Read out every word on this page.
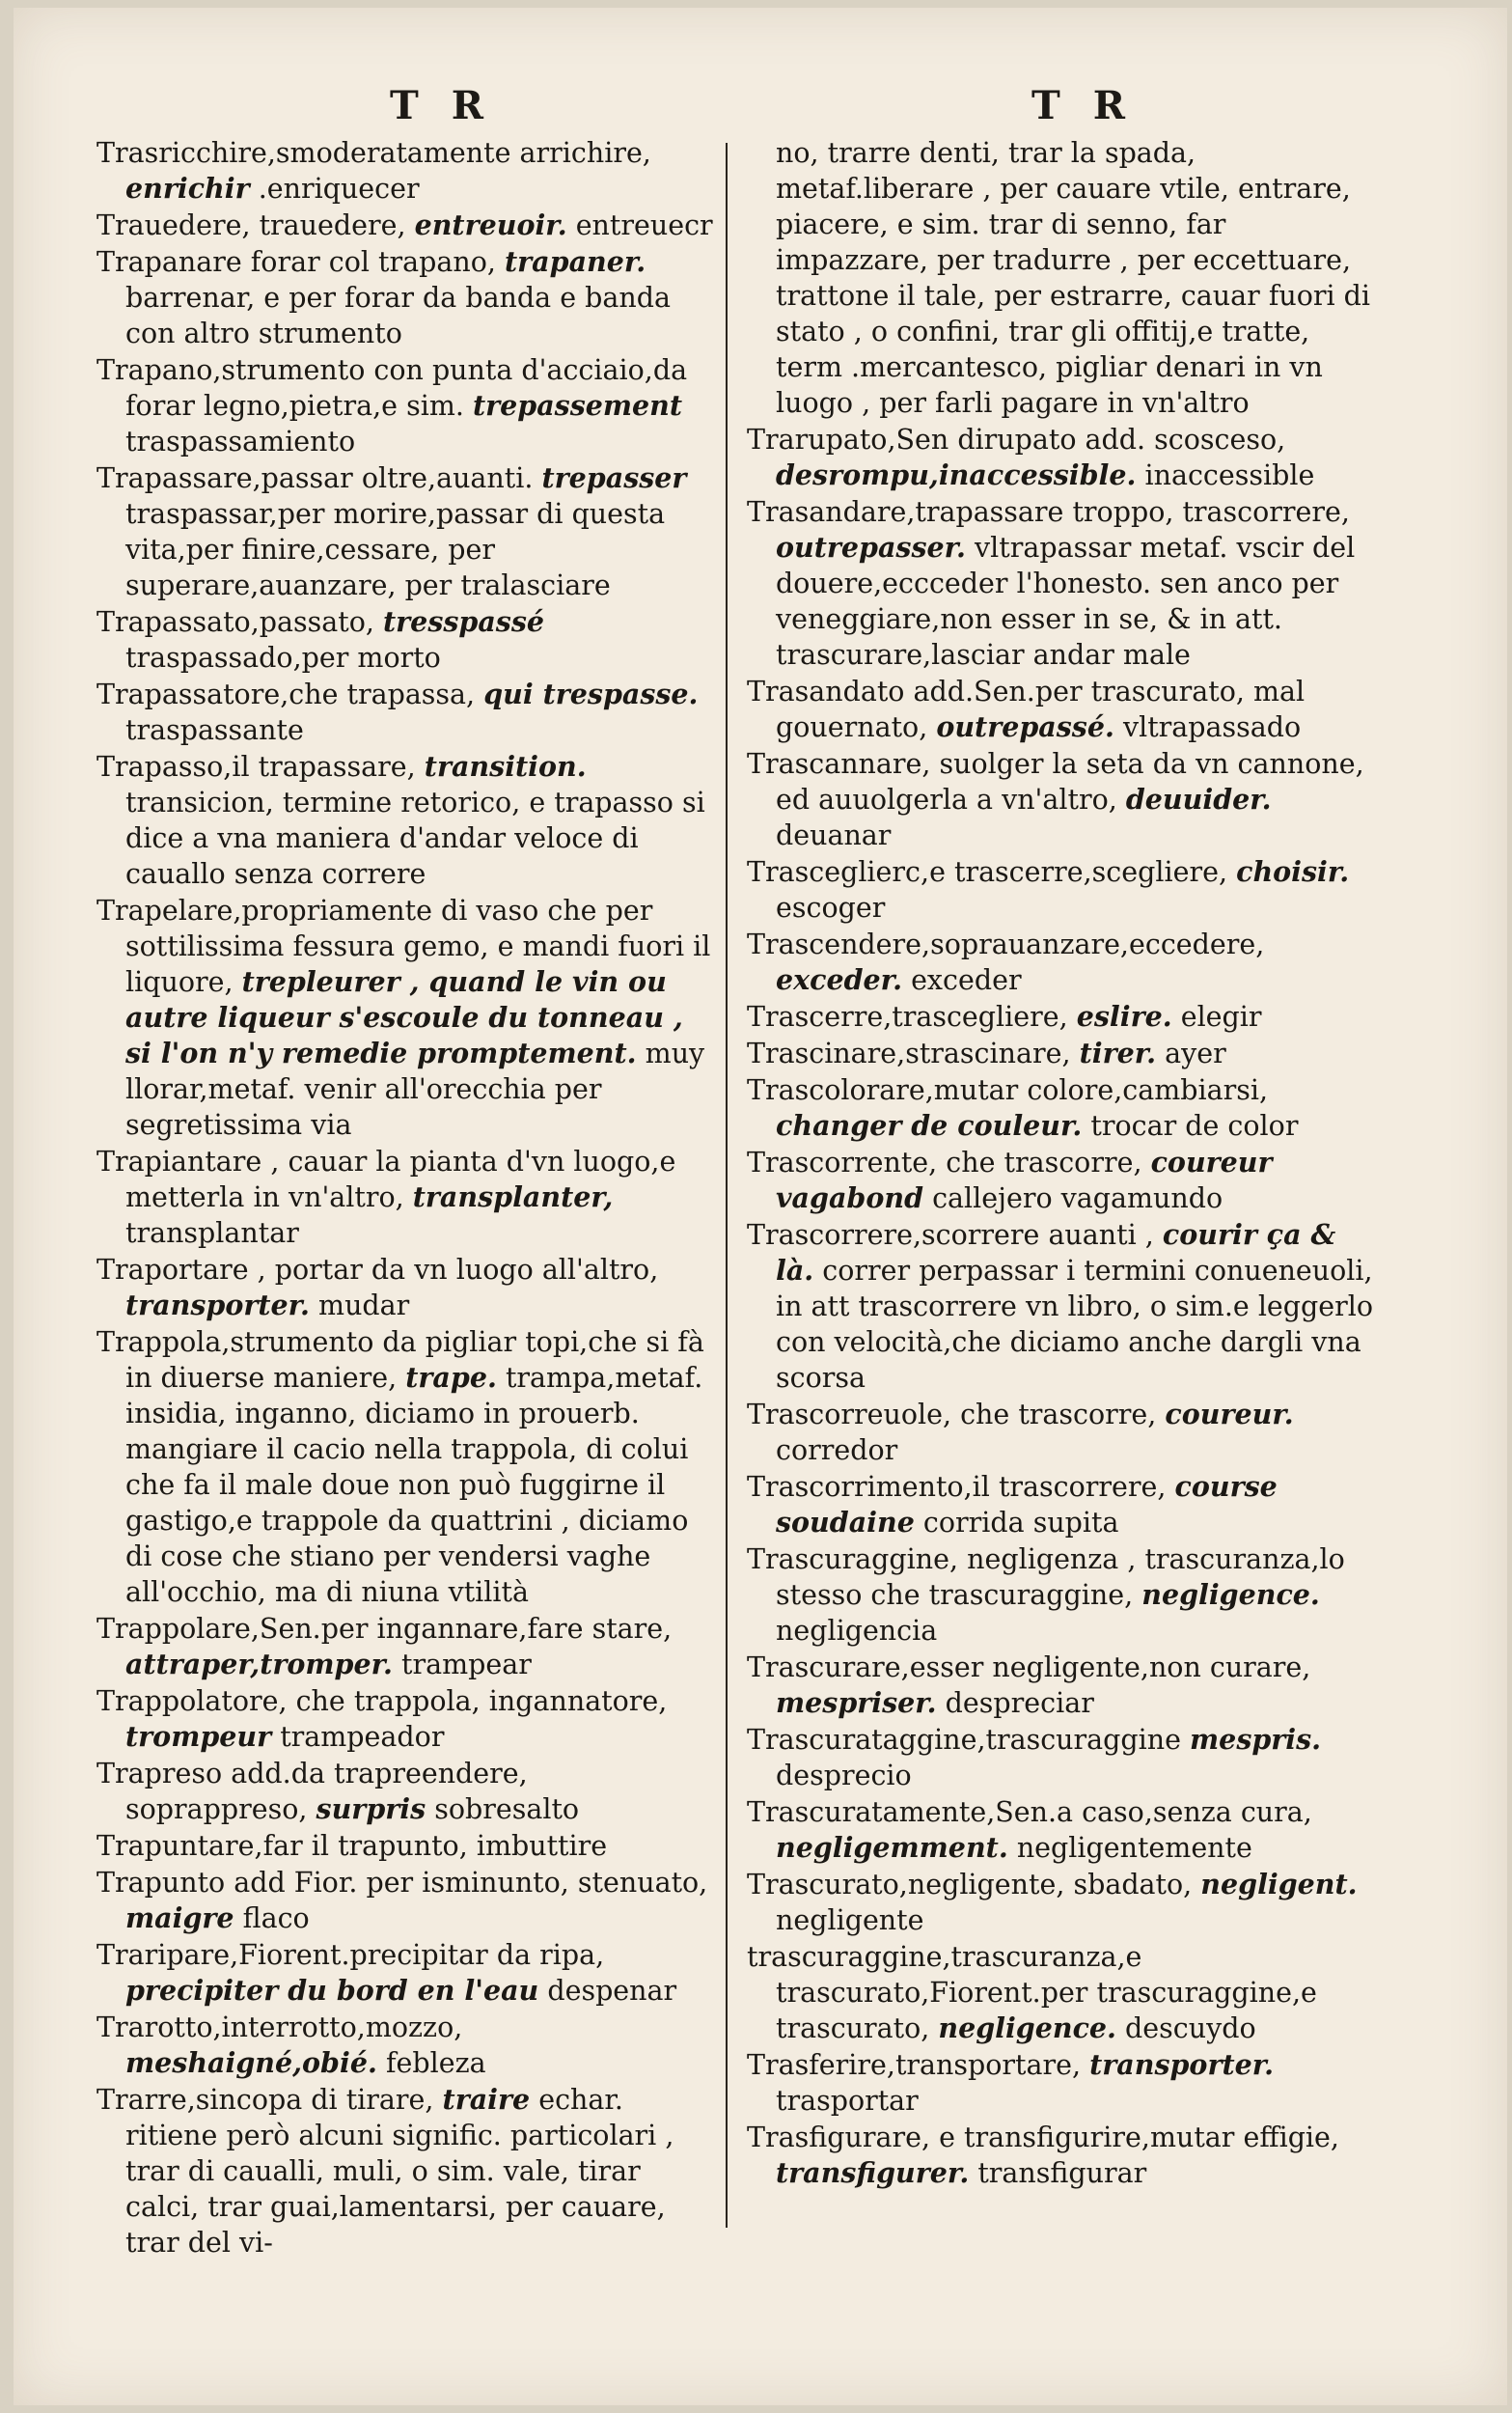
T R	T R

Trasricchire,smoderatamente arrichire, enrichir .enriquecer

Trauedere, trauedere, entreuoir. entreuecr

Trapanare forar col trapano, trapaner. barrenar, e per forar da banda e banda con altro strumento

Trapano,strumento con punta d'acciaio,da forar legno,pietra,e sim. trepassement traspassamiento

Trapassare,passar oltre,auanti. trepasser traspassar,per morire,passar di questa vita,per finire,cessare, per superare,auanzare, per tralasciare

Trapassato,passato, tresspassé traspassado,per morto

Trapassatore,che trapassa, qui trespasse. traspassante

Trapasso,il trapassare, transition. transicion, termine retorico, e trapasso si dice a vna maniera d'andar veloce di cauallo senza correre

Trapelare,propriamente di vaso che per sottilissima fessura gemo, e mandi fuori il liquore, trepleurer , quand le vin ou autre liqueur s'escoule du tonneau , si l'on n'y remedie promptement. muy llorar,metaf. venir all'orecchia per segretissima via

Trapiantare , cauar la pianta d'vn luogo,e metterla in vn'altro, transplanter, transplantar

Traportare , portar da vn luogo all'altro, transporter. mudar

Trappola,strumento da pigliar topi,che si fà in diuerse maniere, trape. trampa,metaf. insidia, inganno, diciamo in prouerb. mangiare il cacio nella trappola, di colui che fa il male doue non può fuggirne il gastigo,e trappole da quattrini , diciamo di cose che stiano per vendersi vaghe all'occhio, ma di niuna vtilità

Trappolare,Sen.per ingannare,fare stare, attraper,tromper. trampear

Trappolatore, che trappola, ingannatore, trompeur trampeador

Trapreso add.da trapreendere, soprappreso, surpris sobresalto

Trapuntare,far il trapunto, imbuttire

Trapunto add Fior. per isminunto, stenuato, maigre flaco

Traripare,Fiorent.precipitar da ripa, precipiter du bord en l'eau despenar

Trarotto,interrotto,mozzo, meshaigné,obié. febleza

Trarre,sincopa di tirare, traire echar. ritiene però alcuni signific. particolari , trar di caualli, muli, o sim. vale, tirar calci, trar guai,lamentarsi, per cauare, trar del vi-

no, trarre denti, trar la spada, metaf.liberare , per cauare vtile, entrare, piacere, e sim. trar di senno, far impazzare, per tradurre , per eccettuare, trattone il tale, per estrarre, cauar fuori di stato , o confini, trar gli offitij,e tratte, term .mercantesco, pigliar denari in vn luogo , per farli pagare in vn'altro

Trarupato,Sen dirupato add. scosceso, desrompu,inaccessible. inaccessible

Trasandare,trapassare troppo, trascorrere, outrepasser. vltrapassar metaf. vscir del douere,eccceder l'honesto. sen anco per veneggiare,non esser in se, & in att. trascurare,lasciar andar male

Trasandato add.Sen.per trascurato, mal gouernato, outrepassé. vltrapassado

Trascannare, suolger la seta da vn cannone, ed auuolgerla a vn'altro, deuuider. deuanar

Trasceglierc,e trascerre,scegliere, choisir. escoger

Trascendere,soprauanzare,eccedere, exceder. exceder

Trascerre,trascegliere, eslire. elegir

Trascinare,strascinare, tirer. ayer

Trascolorare,mutar colore,cambiarsi, changer de couleur. trocar de color

Trascorrente, che trascorre, coureur vagabond callejero vagamundo

Trascorrere,scorrere auanti , courir ça & là. correr perpassar i termini conueneuoli, in att trascorrere vn libro, o sim.e leggerlo con velocità,che diciamo anche dargli vna scorsa

Trascorreuole, che trascorre, coureur. corredor

Trascorrimento,il trascorrere, course soudaine corrida supita

Trascuraggine, negligenza , trascuranza,lo stesso che trascuraggine, negligence. negligencia

Trascurare,esser negligente,non curare, mespriser. despreciar

Trascurataggine,trascuraggine mespris. desprecio

Trascuratamente,Sen.a caso,senza cura, negligemment. negligentemente

Trascurato,negligente, sbadato, negligent. negligente

trascuraggine,trascuranza,e trascurato,Fiorent.per trascuraggine,e trascurato, negligence. descuydo

Trasferire,transportare, transporter. trasportar

Trasfigurare, e transfigurire,mutar effigie, transfigurer. transfigurar
